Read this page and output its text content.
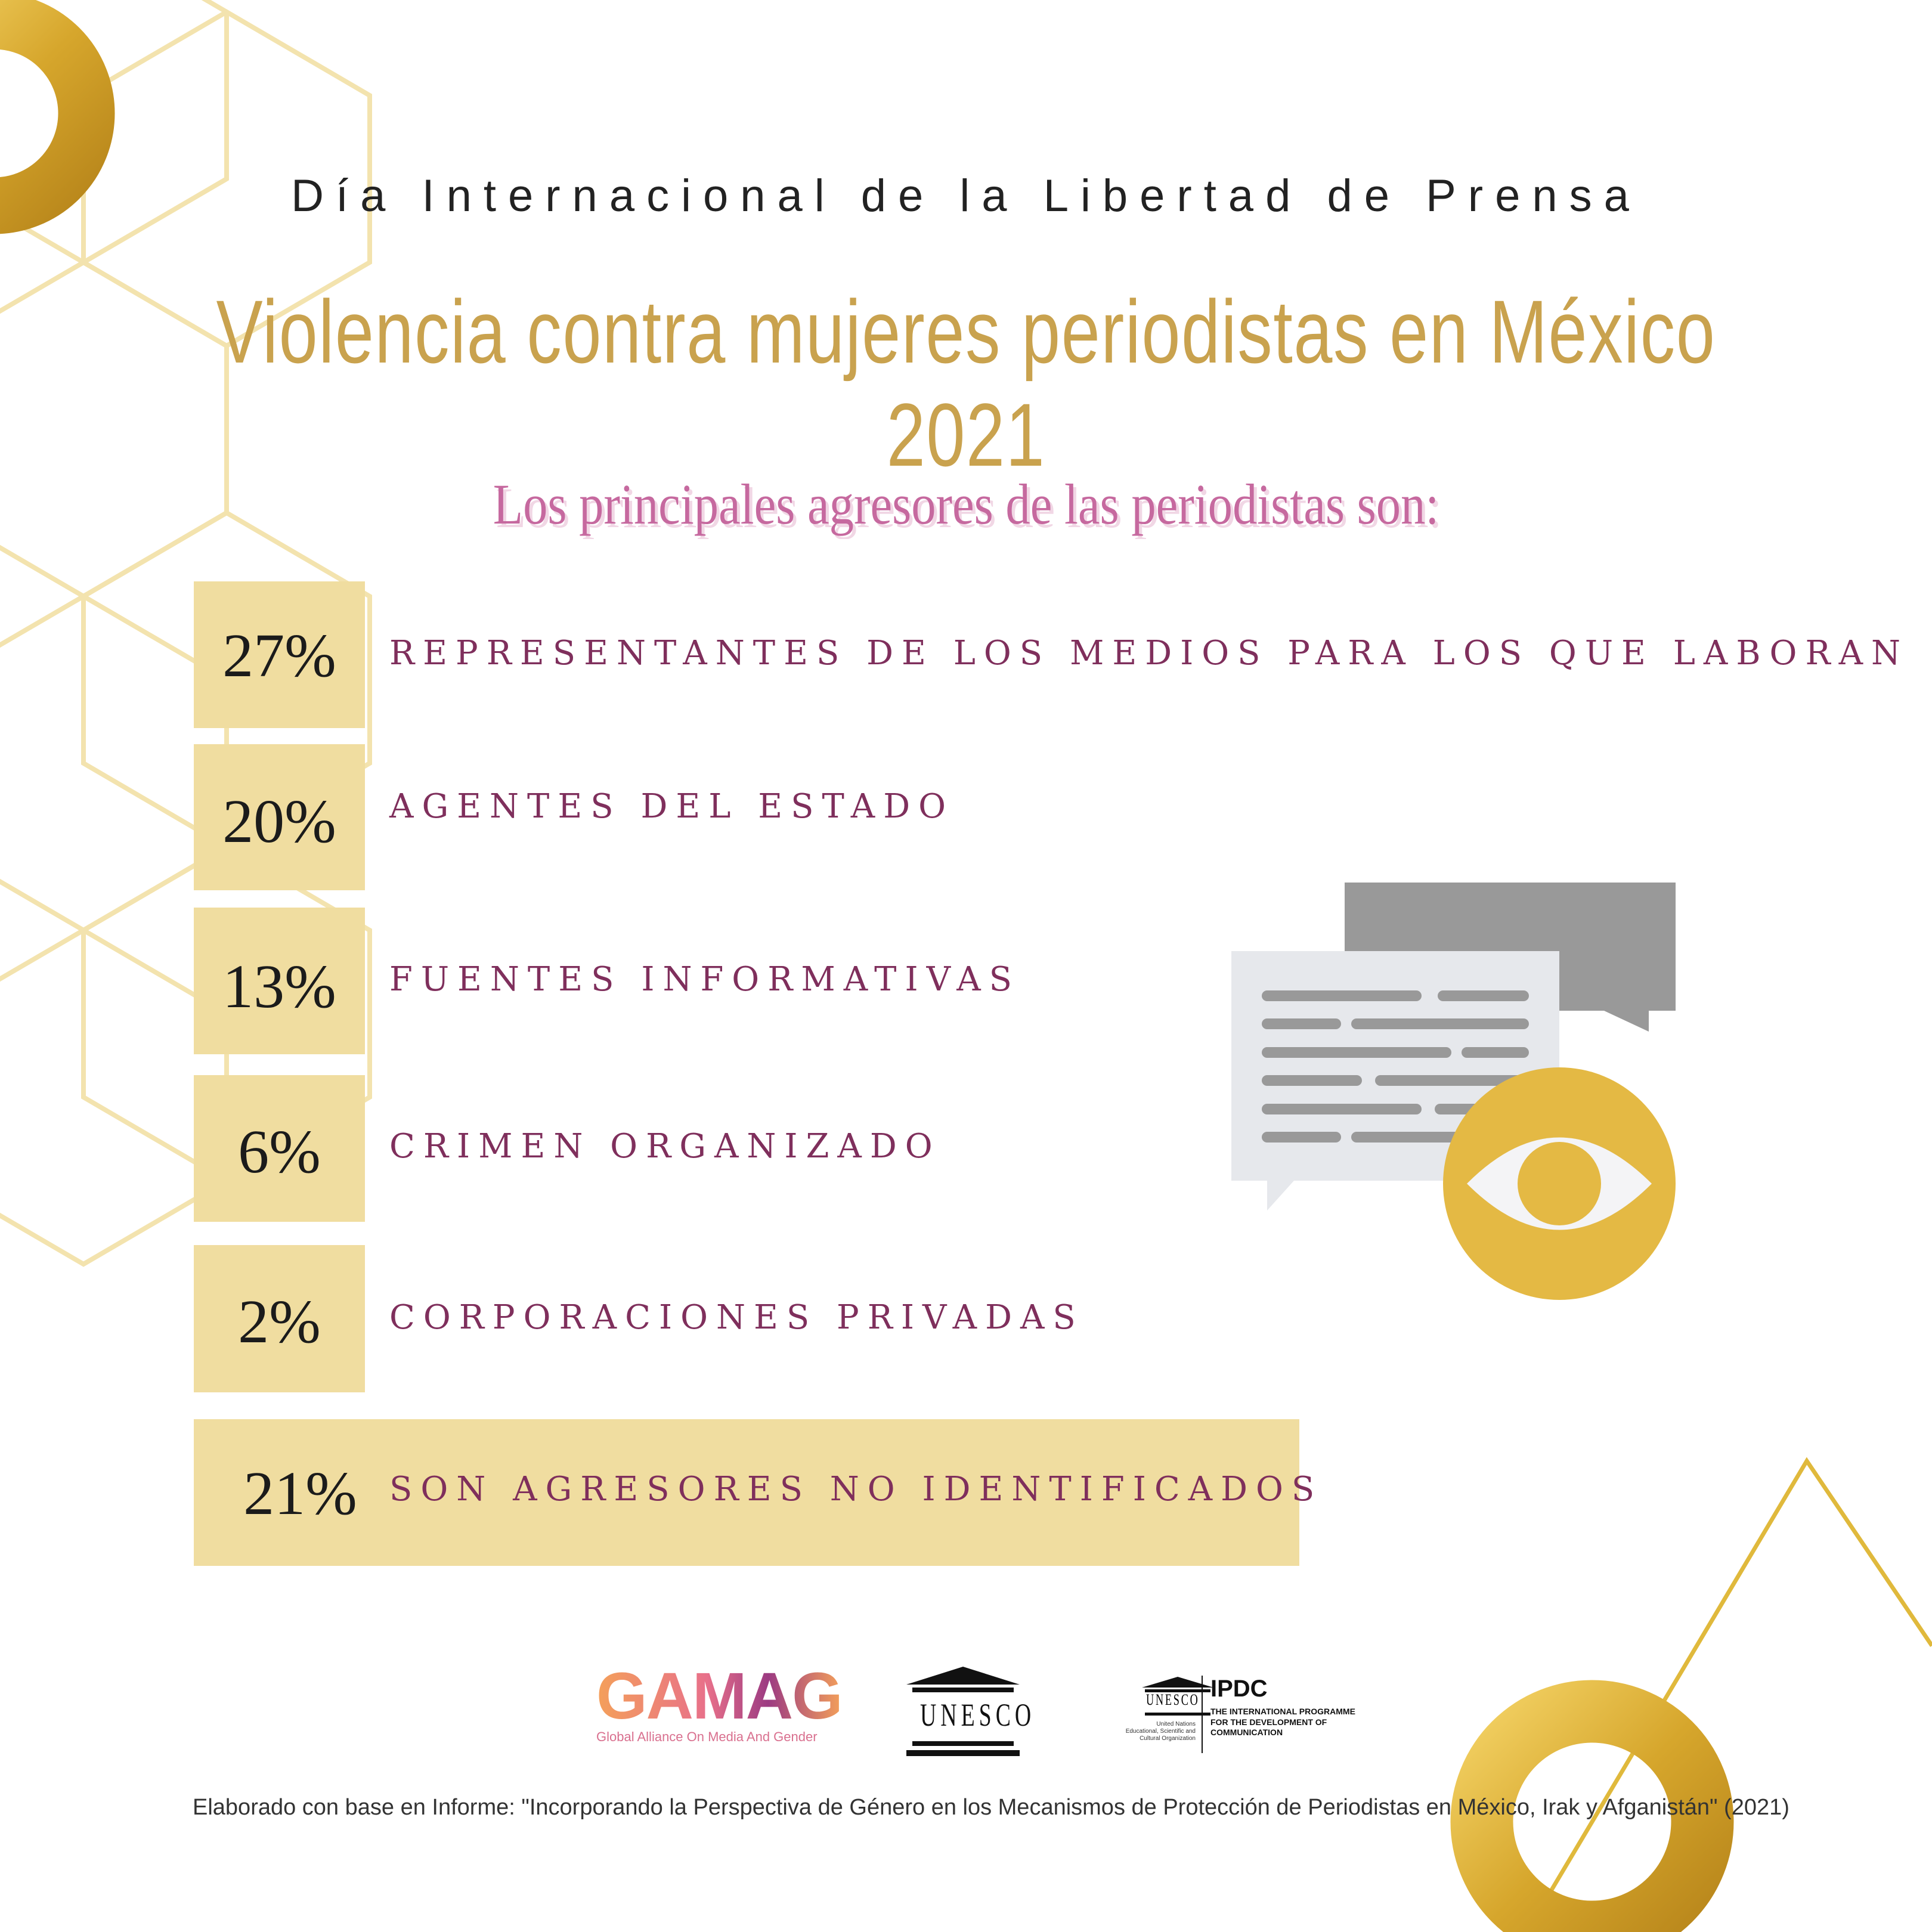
Día Internacional de la Libertad de Prensa
Violencia contra mujeres periodistas en México 2021
Los principales agresores de las periodistas son:
27%	REPRESENTANTES DE LOS MEDIOS PARA LOS QUE LABORAN
20%	AGENTES DEL ESTADO
13%	FUENTES INFORMATIVAS
6%	CRIMEN ORGANIZADO
2%	CORPORACIONES PRIVADAS
21% SON AGRESORES NO IDENTIFICADOS
GAMAG
Global Alliance On Media And Gender
UNESCO	UNESCO
United Nations
Educational, Scientific and
Cultural Organization
IPDC
THE INTERNATIONAL PROGRAMME
FOR THE DEVELOPMENT OF
COMMUNICATION
Elaborado con base en Informe: "Incorporando la Perspectiva de Género en los Mecanismos de Protección de Periodistas en México, Irak y Afganistán" (2021)
